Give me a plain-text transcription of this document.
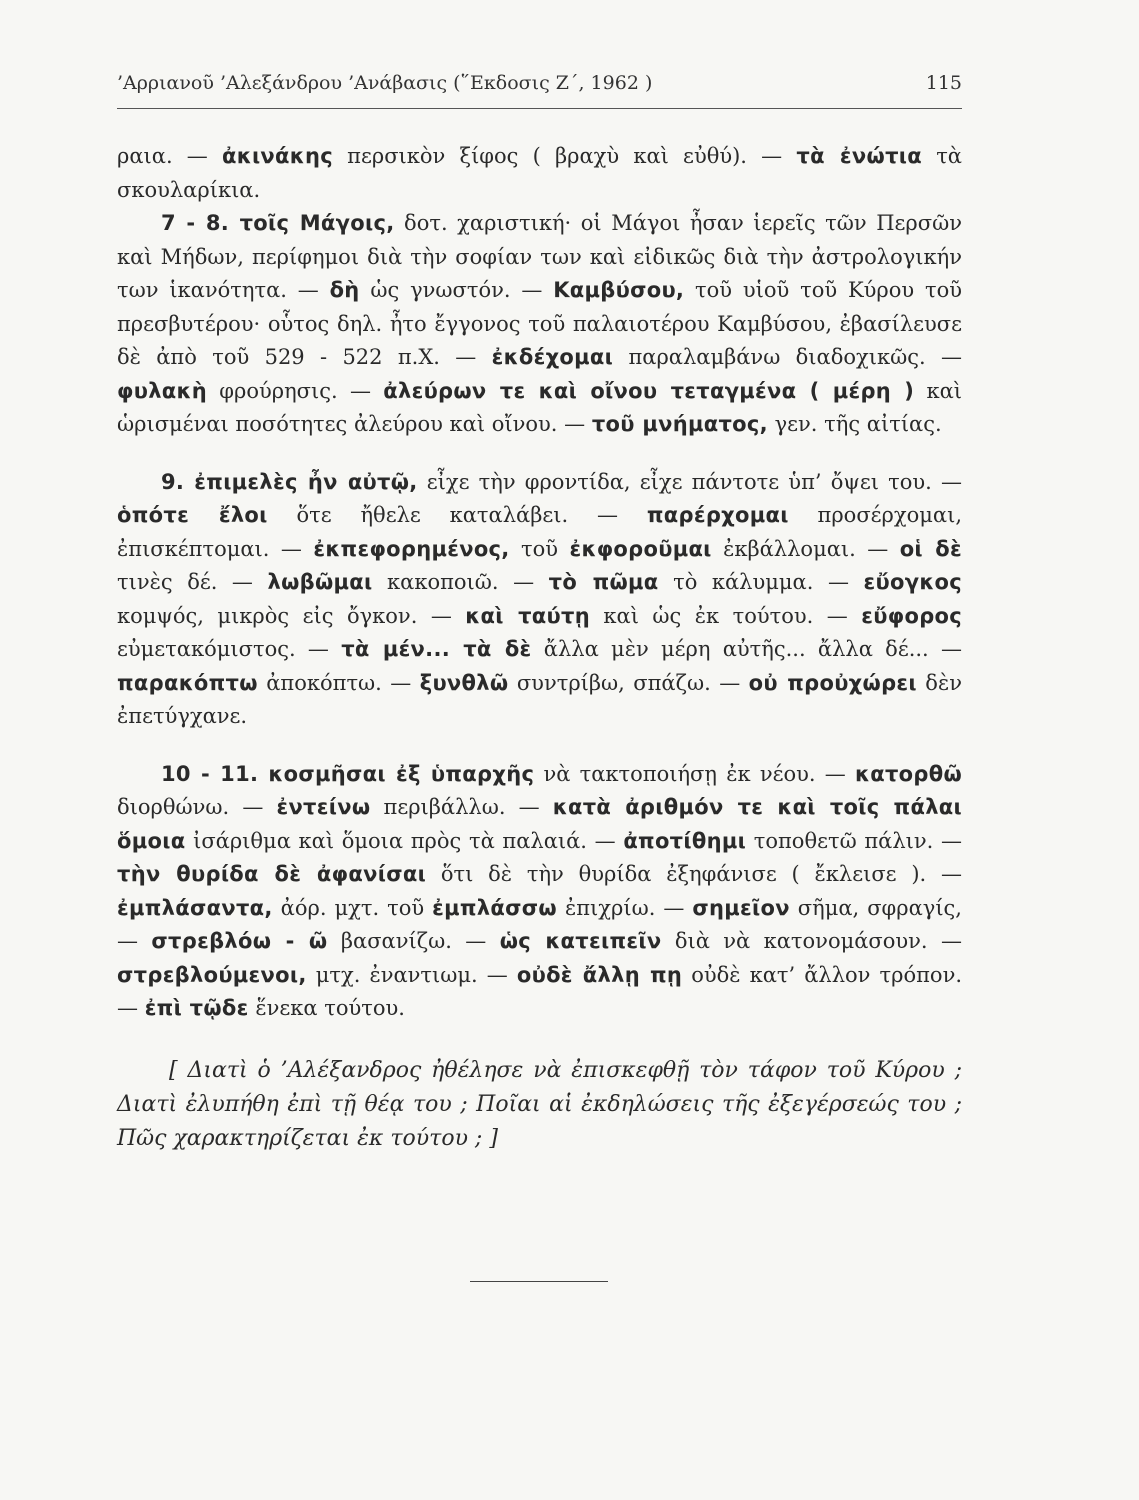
’Αρριανοῦ ’Αλεξάνδρου ’Ανάβασις (῞Εκδοσις Ζ΄, 1962 )	115

ραια. — ἀκινάκης περσικὸν ξίφος ( βραχὺ καὶ εὐθύ). — τὰ ἐνώτια τὰ σκουλαρίκια.

7 - 8. τοῖς Μάγοις, δοτ. χαριστική· οἱ Μάγοι ἦσαν ἱερεῖς τῶν Περσῶν καὶ Μήδων, περίφημοι διὰ τὴν σοφίαν των καὶ εἰδικῶς διὰ τὴν ἀστρολογικήν των ἱκανότητα. — δὴ ὡς γνωστόν. — Καμβύσου, τοῦ υἱοῦ τοῦ Κύρου τοῦ πρεσβυτέρου· οὗτος δηλ. ἦτο ἔγγονος τοῦ παλαιοτέρου Καμβύσου, ἐβασίλευσε δὲ ἀπὸ τοῦ 529 - 522 π.Χ. — ἐκδέχομαι παραλαμβάνω διαδοχικῶς. — φυλακὴ φρούρησις. — ἀλεύρων τε καὶ οἴνου τεταγμένα ( μέρη ) καὶ ὡρισμέναι ποσότητες ἀλεύρου καὶ οἴνου. — τοῦ μνήματος, γεν. τῆς αἰτίας.

9. ἐπιμελὲς ἦν αὐτῷ, εἶχε τὴν φροντίδα, εἶχε πάντοτε ὑπ’ ὄψει του. — ὁπότε ἔλοι ὅτε ἤθελε καταλάβει. — παρέρχομαι προσέρχομαι, ἐπισκέπτομαι. — ἐκπεφορημένος, τοῦ ἐκφοροῦμαι ἐκβάλλομαι. — οἱ δὲ τινὲς δέ. — λωβῶμαι κακοποιῶ. — τὸ πῶμα τὸ κάλυμμα. — εὔογκος κομψός, μικρὸς εἰς ὄγκον. — καὶ ταύτῃ καὶ ὡς ἐκ τούτου. — εὔφορος εὐμετακόμιστος. — τὰ μέν... τὰ δὲ ἄλλα μὲν μέρη αὐτῆς... ἄλλα δέ... — παρακόπτω ἀποκόπτω. — ξυνθλῶ συντρίβω, σπάζω. — οὐ προὐχώρει δὲν ἐπετύγχανε.

10 - 11. κοσμῆσαι ἐξ ὑπαρχῆς νὰ τακτοποιήσῃ ἐκ νέου. — κατορθῶ διορθώνω. — ἐντείνω περιβάλλω. — κατὰ ἀριθμόν τε καὶ τοῖς πάλαι ὅμοια ἰσάριθμα καὶ ὅμοια πρὸς τὰ παλαιά. — ἀποτίθημι τοποθετῶ πάλιν. — τὴν θυρίδα δὲ ἀφανίσαι ὅτι δὲ τὴν θυρίδα ἐξηφάνισε ( ἔκλεισε ). — ἐμπλάσαντα, ἀόρ. μχτ. τοῦ ἐμπλάσσω ἐπιχρίω. — σημεῖον σῆμα, σφραγίς, — στρεβλόω - ῶ βασανίζω. — ὡς κατειπεῖν διὰ νὰ κατονομάσουν. — στρεβλούμενοι, μτχ. ἐναντιωμ. — οὐδὲ ἄλλῃ πῃ οὐδὲ κατ’ ἄλλον τρόπον. — ἐπὶ τῷδε ἕνεκα τούτου.

[ Διατὶ ὁ ’Αλέξανδρος ἠθέλησε νὰ ἐπισκεφθῇ τὸν τάφον τοῦ Κύρου ; Διατὶ ἐλυπήθη ἐπὶ τῇ θέᾳ του ; Ποῖαι αἱ ἐκδηλώσεις τῆς ἐξεγέρσεώς του ; Πῶς χαρακτηρίζεται ἐκ τούτου ; ]
